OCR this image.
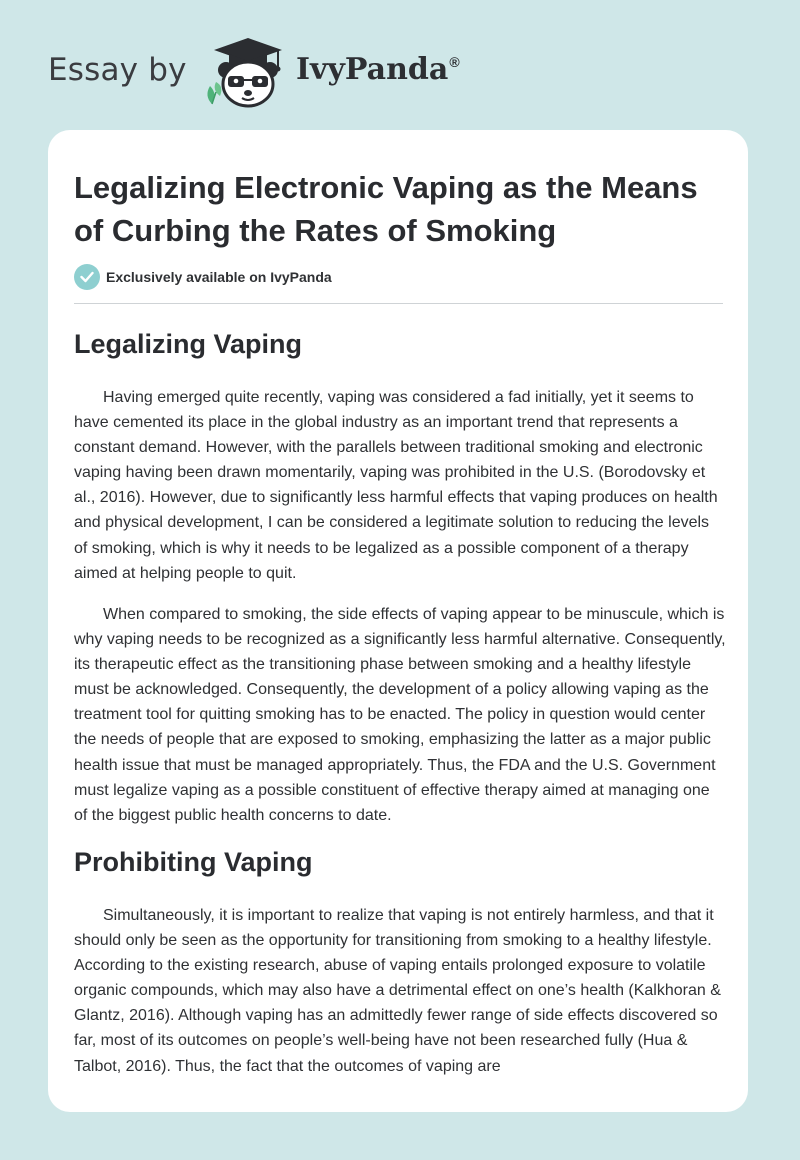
Essay by	IvyPanda®
Legalizing Electronic Vaping as the Means of Curbing the Rates of Smoking
Exclusively available on IvyPanda
Legalizing Vaping

Having emerged quite recently, vaping was considered a fad initially, yet it seems to have cemented its place in the global industry as an important trend that represents a constant demand. However, with the parallels between traditional smoking and electronic vaping having been drawn momentarily, vaping was prohibited in the U.S. (Borodovsky et al., 2016). However, due to significantly less harmful effects that vaping produces on health and physical development, I can be considered a legitimate solution to reducing the levels of smoking, which is why it needs to be legalized as a possible component of a therapy aimed at helping people to quit.

When compared to smoking, the side effects of vaping appear to be minuscule, which is why vaping needs to be recognized as a significantly less harmful alternative. Consequently, its therapeutic effect as the transitioning phase between smoking and a healthy lifestyle must be acknowledged. Consequently, the development of a policy allowing vaping as the treatment tool for quitting smoking has to be enacted. The policy in question would center the needs of people that are exposed to smoking, emphasizing the latter as a major public health issue that must be managed appropriately. Thus, the FDA and the U.S. Government must legalize vaping as a possible constituent of effective therapy aimed at managing one of the biggest public health concerns to date.

Prohibiting Vaping

Simultaneously, it is important to realize that vaping is not entirely harmless, and that it should only be seen as the opportunity for transitioning from smoking to a healthy lifestyle. According to the existing research, abuse of vaping entails prolonged exposure to volatile organic compounds, which may also have a detrimental effect on one’s health (Kalkhoran & Glantz, 2016). Although vaping has an admittedly fewer range of side effects discovered so far, most of its outcomes on people’s well-being have not been researched fully (Hua & Talbot, 2016). Thus, the fact that the outcomes of vaping are
